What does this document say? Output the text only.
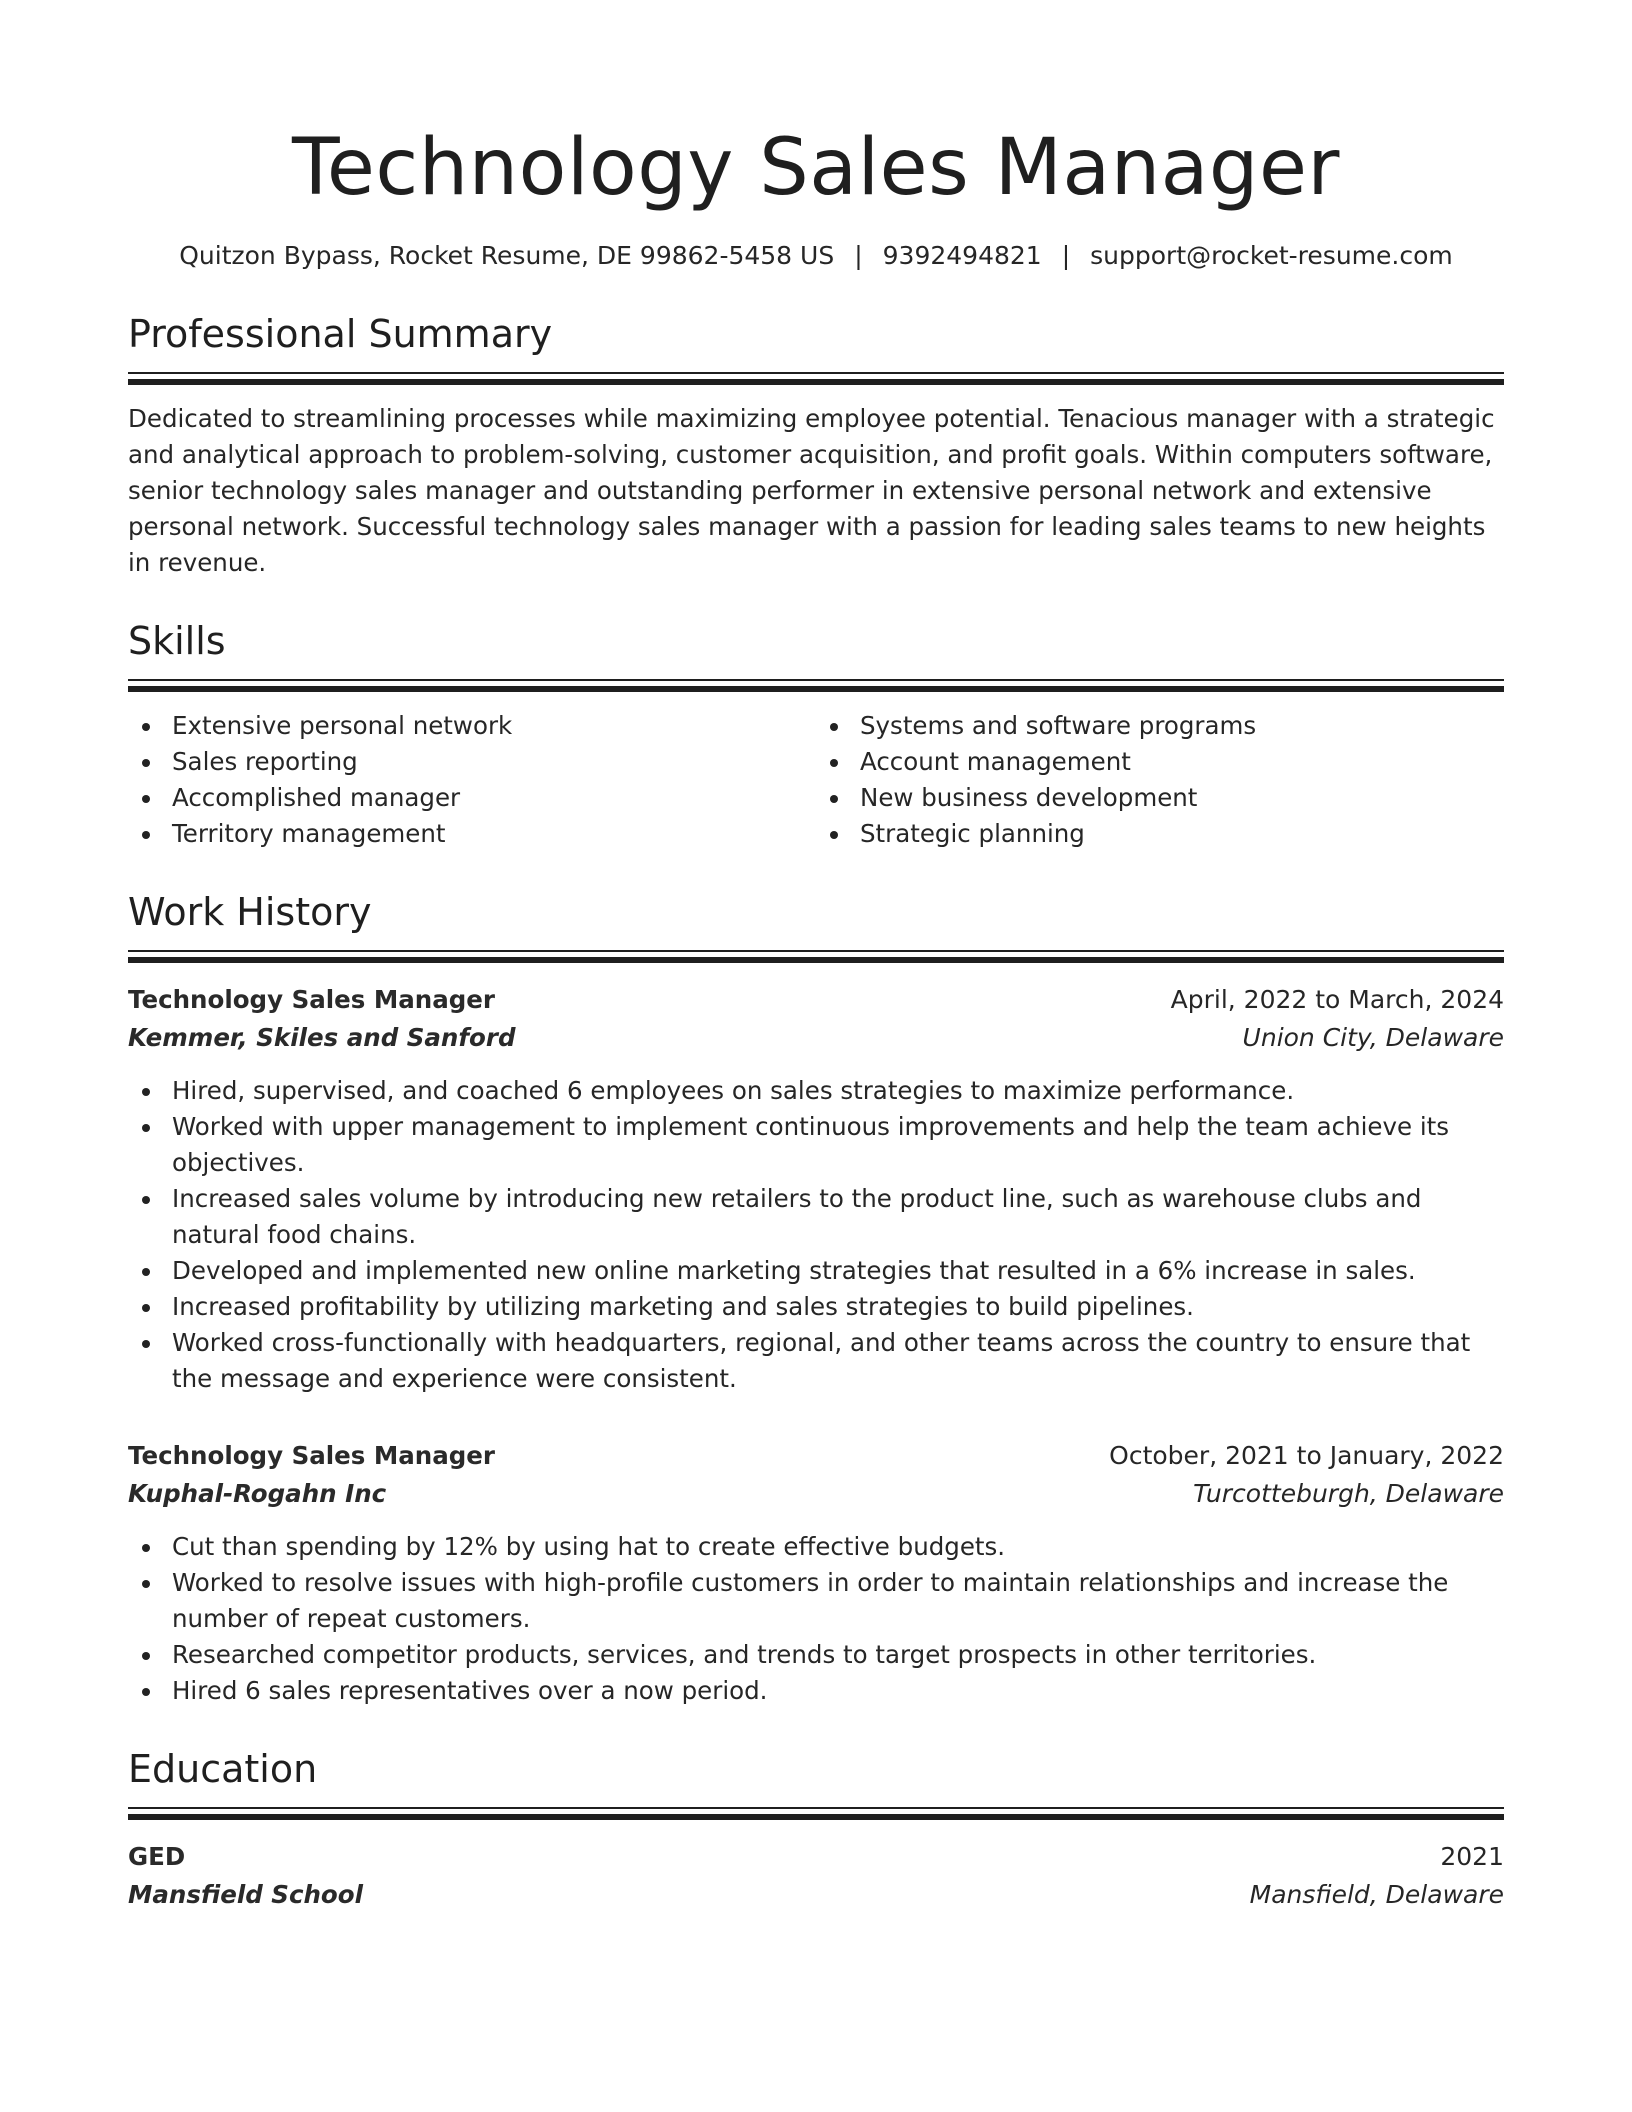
Technology Sales Manager
Quitzon Bypass, Rocket Resume, DE 99862-5458 US | 9392494821 | support@rocket-resume.com
Professional Summary
Dedicated to streamlining processes while maximizing employee potential. Tenacious manager with a strategic and analytical approach to problem-solving, customer acquisition, and profit goals. Within computers software, senior technology sales manager and outstanding performer in extensive personal network and extensive personal network. Successful technology sales manager with a passion for leading sales teams to new heights in revenue.
Skills
Extensive personal network
Sales reporting
Accomplished manager
Territory management
Systems and software programs
Account management
New business development
Strategic planning
Work History
Technology Sales Manager	April, 2022 to March, 2024
Kemmer, Skiles and Sanford	Union City, Delaware
Hired, supervised, and coached 6 employees on sales strategies to maximize performance.
Worked with upper management to implement continuous improvements and help the team achieve its objectives.
Increased sales volume by introducing new retailers to the product line, such as warehouse clubs and natural food chains.
Developed and implemented new online marketing strategies that resulted in a 6% increase in sales.
Increased profitability by utilizing marketing and sales strategies to build pipelines.
Worked cross-functionally with headquarters, regional, and other teams across the country to ensure that the message and experience were consistent.
Technology Sales Manager	October, 2021 to January, 2022
Kuphal-Rogahn Inc	Turcotteburgh, Delaware
Cut than spending by 12% by using hat to create effective budgets.
Worked to resolve issues with high-profile customers in order to maintain relationships and increase the number of repeat customers.
Researched competitor products, services, and trends to target prospects in other territories.
Hired 6 sales representatives over a now period.
Education
GED	2021
Mansfield School	Mansfield, Delaware
